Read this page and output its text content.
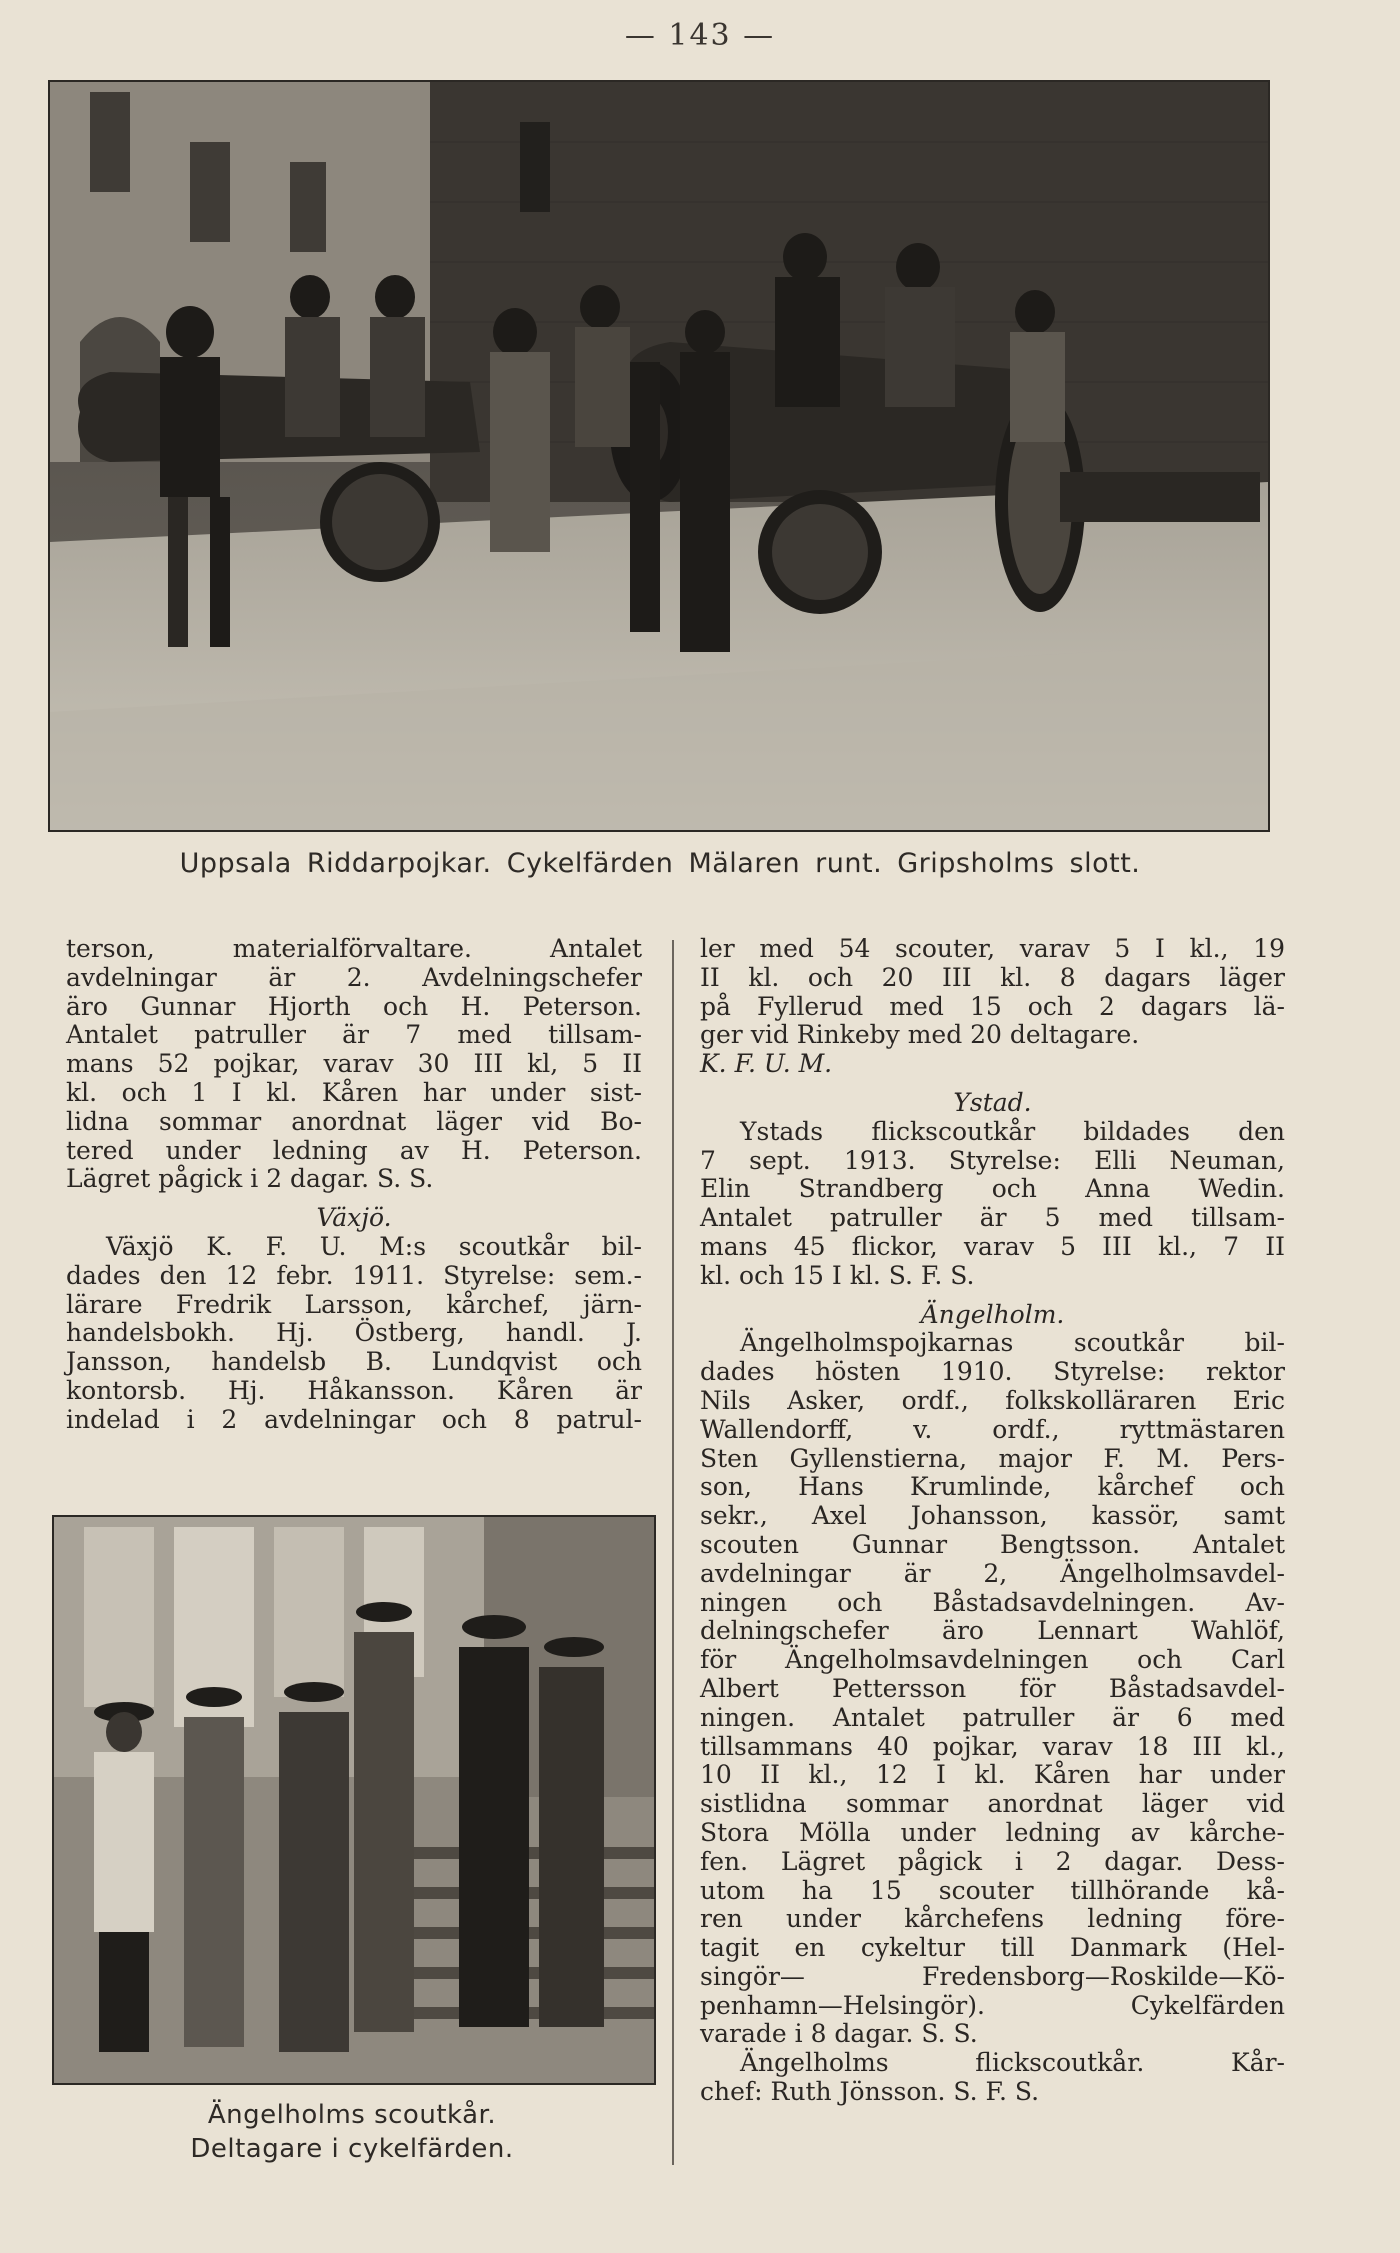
— 143 —
Uppsala Riddarpojkar. Cykelfärden Mälaren runt. Gripsholms slott.
terson, materialförvaltare. Antalet
avdelningar är 2. Avdelningschefer
äro Gunnar Hjorth och H. Peterson.
Antalet patruller är 7 med tillsam-
mans 52 pojkar, varav 30 III kl, 5 II
kl. och 1 I kl. Kåren har under sist-
lidna sommar anordnat läger vid Bo-
tered under ledning av H. Peterson.
Lägret pågick i 2 dagar. S. S.
Växjö.
Växjö K. F. U. M:s scoutkår bil-
dades den 12 febr. 1911. Styrelse: sem.-
lärare Fredrik Larsson, kårchef, järn-
handelsbokh. Hj. Östberg, handl. J.
Jansson, handelsb B. Lundqvist och
kontorsb. Hj. Håkansson. Kåren är
indelad i 2 avdelningar och 8 patrul-
Ängelholms scoutkår.
Deltagare i cykelfärden.
ler med 54 scouter, varav 5 I kl., 19
II kl. och 20 III kl. 8 dagars läger
på Fyllerud med 15 och 2 dagars lä-
ger vid Rinkeby med 20 deltagare.
K. F. U. M.
Ystad.
Ystads flickscoutkår bildades den
7 sept. 1913. Styrelse: Elli Neuman,
Elin Strandberg och Anna Wedin.
Antalet patruller är 5 med tillsam-
mans 45 flickor, varav 5 III kl., 7 II
kl. och 15 I kl. S. F. S.
Ängelholm.
Ängelholmspojkarnas scoutkår bil-
dades hösten 1910. Styrelse: rektor
Nils Asker, ordf., folkskolläraren Eric
Wallendorff, v. ordf., ryttmästaren
Sten Gyllenstierna, major F. M. Pers-
son, Hans Krumlinde, kårchef och
sekr., Axel Johansson, kassör, samt
scouten Gunnar Bengtsson. Antalet
avdelningar är 2, Ängelholmsavdel-
ningen och Båstadsavdelningen. Av-
delningschefer äro Lennart Wahlöf,
för Ängelholmsavdelningen och Carl
Albert Pettersson för Båstadsavdel-
ningen. Antalet patruller är 6 med
tillsammans 40 pojkar, varav 18 III kl.,
10 II kl., 12 I kl. Kåren har under
sistlidna sommar anordnat läger vid
Stora Mölla under ledning av kårche-
fen. Lägret pågick i 2 dagar. Dess-
utom ha 15 scouter tillhörande kå-
ren under kårchefens ledning före-
tagit en cykeltur till Danmark (Hel-
singör— Fredensborg—Roskilde—Kö-
penhamn—Helsingör). Cykelfärden
varade i 8 dagar. S. S.
Ängelholms flickscoutkår. Kår-
chef: Ruth Jönsson. S. F. S.
